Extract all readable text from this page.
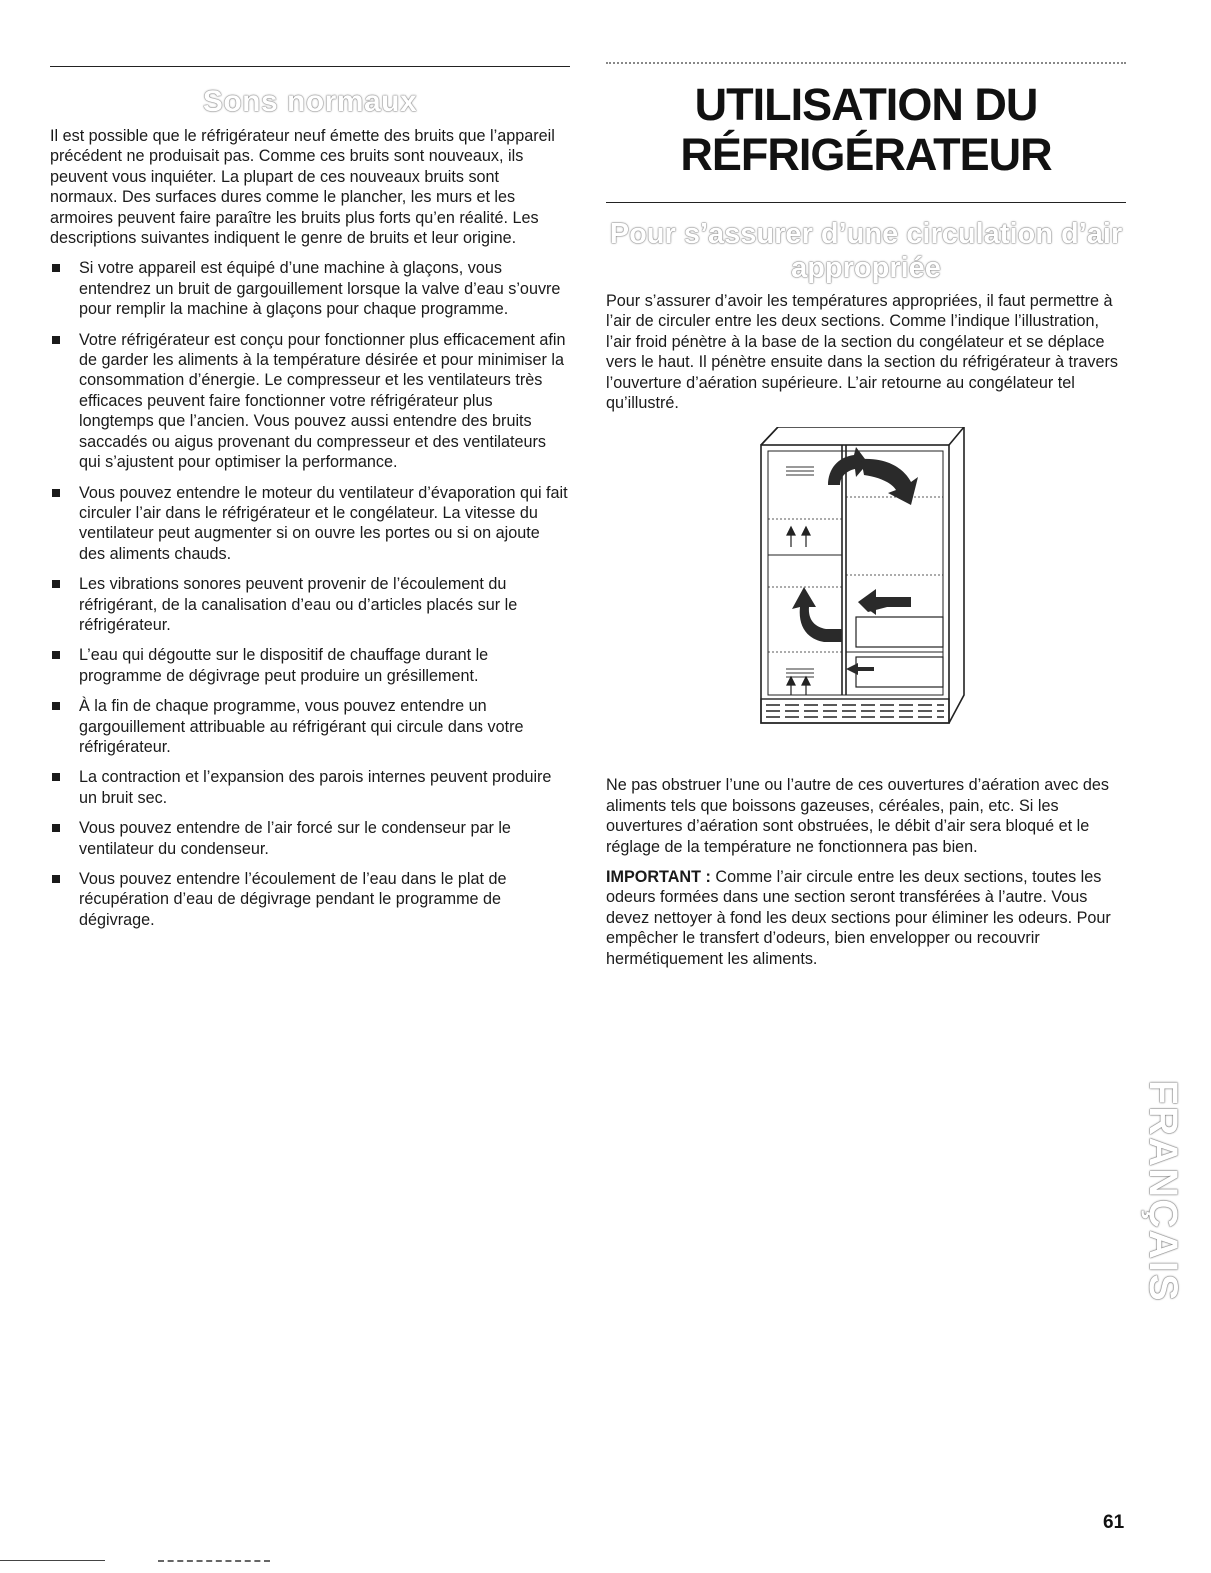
Sons normaux

Il est possible que le réfrigérateur neuf émette des bruits que l’appareil précédent ne produisait pas. Comme ces bruits sont nouveaux, ils peuvent vous inquiéter. La plupart de ces nouveaux bruits sont normaux. Des surfaces dures comme le plancher, les murs et les armoires peuvent faire paraître les bruits plus forts qu’en réalité. Les descriptions suivantes indiquent le genre de bruits et leur origine.

Si votre appareil est équipé d’une machine à glaçons, vous entendrez un bruit de gargouillement lorsque la valve d’eau s’ouvre pour remplir la machine à glaçons pour chaque programme.
Votre réfrigérateur est conçu pour fonctionner plus efficacement afin de garder les aliments à la température désirée et pour minimiser la consommation d’énergie. Le compresseur et les ventilateurs très efficaces peuvent faire fonctionner votre réfrigérateur plus longtemps que l’ancien. Vous pouvez aussi entendre des bruits saccadés ou aigus provenant du compresseur et des ventilateurs qui s’ajustent pour optimiser la performance.
Vous pouvez entendre le moteur du ventilateur d’évaporation qui fait circuler l’air dans le réfrigérateur et le congélateur. La vitesse du ventilateur peut augmenter si on ouvre les portes ou si on ajoute des aliments chauds.
Les vibrations sonores peuvent provenir de l’écoulement du réfrigérant, de la canalisation d’eau ou d’articles placés sur le réfrigérateur.
L’eau qui dégoutte sur le dispositif de chauffage durant le programme de dégivrage peut produire un grésillement.
À la fin de chaque programme, vous pouvez entendre un gargouillement attribuable au réfrigérant qui circule dans votre réfrigérateur.
La contraction et l’expansion des parois internes peuvent produire un bruit sec.
Vous pouvez entendre de l’air forcé sur le condenseur par le ventilateur du condenseur.
Vous pouvez entendre l’écoulement de l’eau dans le plat de récupération d’eau de dégivrage pendant le programme de dégivrage.
UTILISATION DU
RÉFRIGÉRATEUR
Pour s’assurer d’une circulation d’air
appropriée

Pour s’assurer d’avoir les températures appropriées, il faut permettre à l’air de circuler entre les deux sections. Comme l’indique l’illustration, l’air froid pénètre à la base de la section du congélateur et se déplace vers le haut. Il pénètre ensuite dans la section du réfrigérateur à travers l’ouverture d’aération supérieure. L’air retourne au congélateur tel qu’illustré.

Ne pas obstruer l’une ou l’autre de ces ouvertures d’aération avec des aliments tels que boissons gazeuses, céréales, pain, etc. Si les ouvertures d’aération sont obstruées, le débit d’air sera bloqué et le réglage de la température ne fonctionnera pas bien.

IMPORTANT : Comme l’air circule entre les deux sections, toutes les odeurs formées dans une section seront transférées à l’autre. Vous devez nettoyer à fond les deux sections pour éliminer les odeurs. Pour empêcher le transfert d’odeurs, bien envelopper ou recouvrir hermétiquement les aliments.

FRANÇAIS
61
